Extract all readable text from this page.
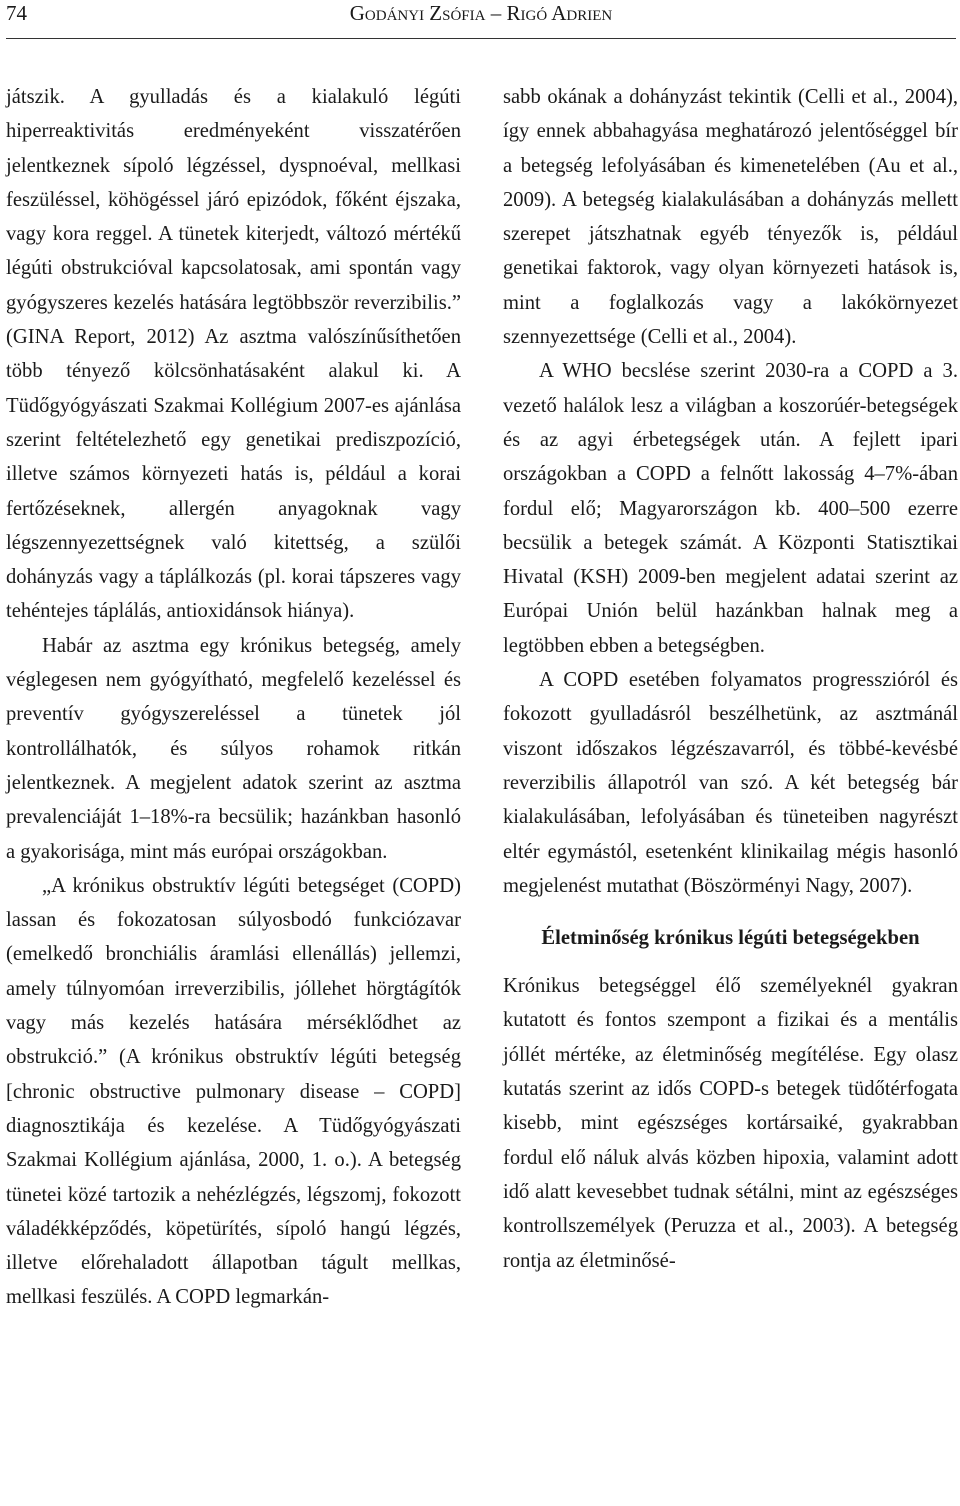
74	Godányi Zsófia – Rigó Adrien

játszik. A gyulladás és a kialakuló légúti hiperreaktivitás eredményeként visszatérően jelentkeznek sípoló légzéssel, dyspnoéval, mellkasi feszüléssel, köhögéssel járó epizódok, főként éjszaka, vagy kora reggel. A tünetek kiterjedt, változó mértékű légúti obstrukcióval kapcsolatosak, ami spontán vagy gyógyszeres kezelés hatására legtöbbször reverzibilis.” (GINA Report, 2012) Az asztma valószínűsíthetően több tényező kölcsönhatásaként alakul ki. A Tüdőgyógyászati Szakmai Kollégium 2007-es ajánlása szerint feltételezhető egy genetikai prediszpozíció, illetve számos környezeti hatás is, például a korai fertőzéseknek, allergén anyagoknak vagy légszennyezettségnek való kitettség, a szülői dohányzás vagy a táplálkozás (pl. korai tápszeres vagy tehéntejes táplálás, antioxidánsok hiánya).

Habár az asztma egy krónikus betegség, amely véglegesen nem gyógyítható, megfelelő kezeléssel és preventív gyógyszereléssel a tünetek jól kontrollálhatók, és súlyos rohamok ritkán jelentkeznek. A megjelent adatok szerint az asztma prevalenciáját 1–18%-ra becsülik; hazánkban hasonló a gyakorisága, mint más európai országokban.

„A krónikus obstruktív légúti betegséget (COPD) lassan és fokozatosan súlyosbodó funkciózavar (emelkedő bronchiális áramlási ellenállás) jellemzi, amely túlnyomóan irreverzibilis, jóllehet hörgtágítók vagy más kezelés hatására mérséklődhet az obstrukció.” (A krónikus obstruktív légúti betegség [chronic obstructive pulmonary disease – COPD] diagnosztikája és kezelése. A Tüdőgyógyászati Szakmai Kollégium ajánlása, 2000, 1. o.). A betegség tünetei közé tartozik a nehézlégzés, légszomj, fokozott váladékképződés, köpetürítés, sípoló hangú légzés, illetve előrehaladott állapotban tágult mellkas, mellkasi feszülés. A COPD legmarkán-

sabb okának a dohányzást tekintik (Celli et al., 2004), így ennek abbahagyása meghatározó jelentőséggel bír a betegség lefolyásában és kimenetelében (Au et al., 2009). A betegség kialakulásában a dohányzás mellett szerepet játszhatnak egyéb tényezők is, például genetikai faktorok, vagy olyan környezeti hatások is, mint a foglalkozás vagy a lakókörnyezet szennyezettsége (Celli et al., 2004).

A WHO becslése szerint 2030-ra a COPD a 3. vezető halálok lesz a világban a koszorúér-betegségek és az agyi érbetegségek után. A fejlett ipari országokban a COPD a felnőtt lakosság 4–7%-ában fordul elő; Magyarországon kb. 400–500 ezerre becsülik a betegek számát. A Központi Statisztikai Hivatal (KSH) 2009-ben megjelent adatai szerint az Európai Unión belül hazánkban halnak meg a legtöbben ebben a betegségben.

A COPD esetében folyamatos progresszióról és fokozott gyulladásról beszélhetünk, az asztmánál viszont időszakos légzészavarról, és többé-kevésbé reverzibilis állapotról van szó. A két betegség bár kialakulásában, lefolyásában és tüneteiben nagyrészt eltér egymástól, esetenként klinikailag mégis hasonló megjelenést mutathat (Böszörményi Nagy, 2007).

Életminőség krónikus légúti betegségekben

Krónikus betegséggel élő személyeknél gyakran kutatott és fontos szempont a fizikai és a mentális jóllét mértéke, az életminőség megítélése. Egy olasz kutatás szerint az idős COPD-s betegek tüdőtérfogata kisebb, mint egészséges kortársaiké, gyakrabban fordul elő náluk alvás közben hipoxia, valamint adott idő alatt kevesebbet tudnak sétálni, mint az egészséges kontrollszemélyek (Peruzza et al., 2003). A betegség rontja az életminősé-
